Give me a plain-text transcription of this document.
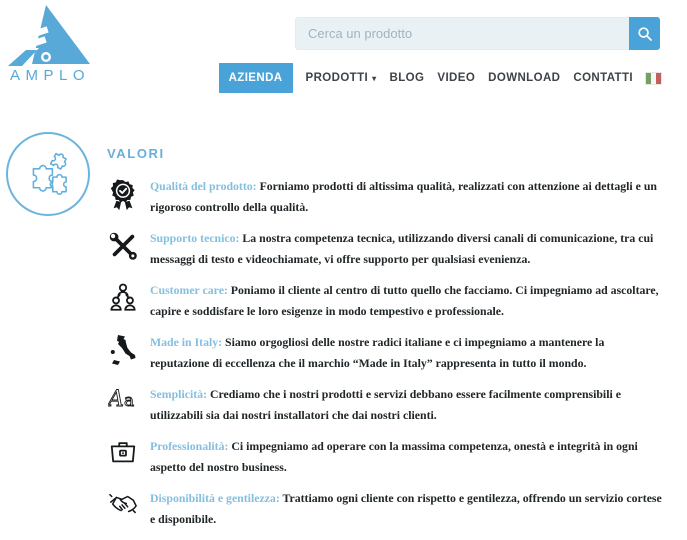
AMPLO
Cerca un prodotto	AZIENDA	PRODOTTI ▾ BLOG VIDEO DOWNLOAD CONTATTI
VALORI

Qualità del prodotto: Forniamo prodotti di altissima qualità, realizzati con attenzione ai dettagli e un rigoroso controllo della qualità.

Supporto tecnico: La nostra competenza tecnica, utilizzando diversi canali di comunicazione, tra cui messaggi di testo e videochiamate, vi offre supporto per qualsiasi evenienza.

Customer care: Poniamo il cliente al centro di tutto quello che facciamo. Ci impegniamo ad ascoltare, capire e soddisfare le loro esigenze in modo tempestivo e professionale.

Made in Italy: Siamo orgogliosi delle nostre radici italiane e ci impegniamo a mantenere la reputazione di eccellenza che il marchio “Made in Italy” rappresenta in tutto il mondo.

A a Semplicità: Crediamo che i nostri prodotti e servizi debbano essere facilmente comprensibili e utilizzabili sia dai nostri installatori che dai nostri clienti.

Professionalità: Ci impegniamo ad operare con la massima competenza, onestà e integrità in ogni aspetto del nostro business.

Disponibilità e gentilezza: Trattiamo ogni cliente con rispetto e gentilezza, offrendo un servizio cortese e disponibile.
